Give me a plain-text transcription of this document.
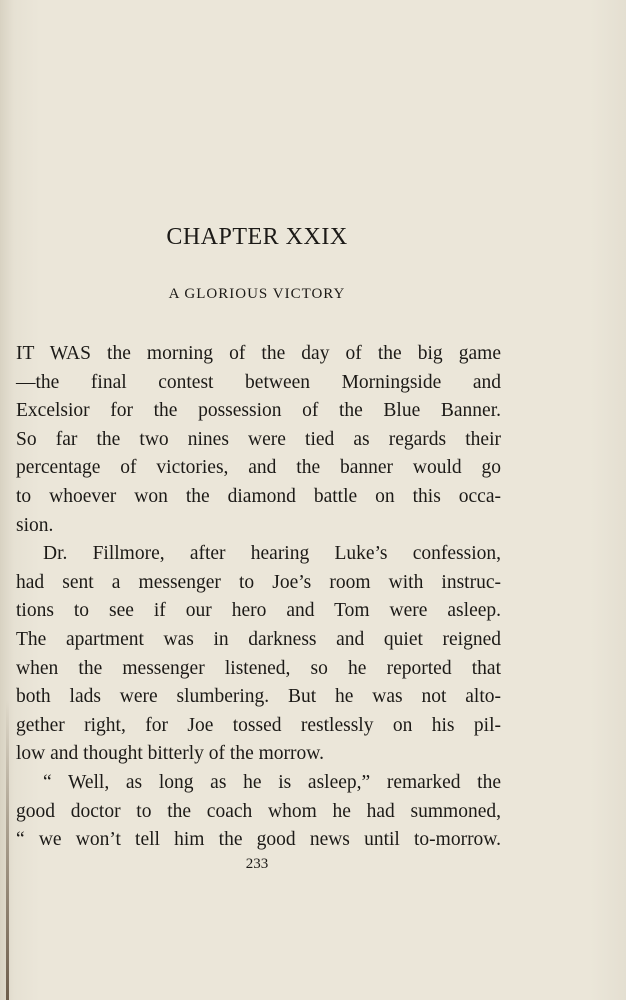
CHAPTER XXIX
A GLORIOUS VICTORY
IT WAS the morning of the day of the big game
—the final contest between Morningside and
Excelsior for the possession of the Blue Banner.
So far the two nines were tied as regards their
percentage of victories, and the banner would go
to whoever won the diamond battle on this occa-
sion.
Dr. Fillmore, after hearing Luke’s confession,
had sent a messenger to Joe’s room with instruc-
tions to see if our hero and Tom were asleep.
The apartment was in darkness and quiet reigned
when the messenger listened, so he reported that
both lads were slumbering. But he was not alto-
gether right, for Joe tossed restlessly on his pil-
low and thought bitterly of the morrow.
“ Well, as long as he is asleep,” remarked the
good doctor to the coach whom he had summoned,
“ we won’t tell him the good news until to-morrow.
233
